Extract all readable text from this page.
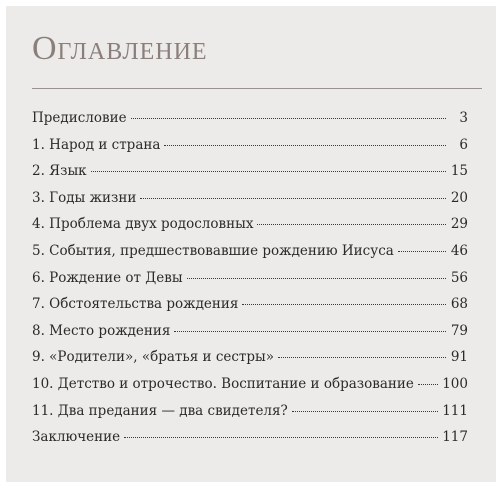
Оглавление
Предисловие	3
1. Народ и страна	6
2. Язык	15
3. Годы жизни	20
4. Проблема двух родословных	29
5. События, предшествовавшие рождению Иисуса	46
6. Рождение от Девы	56
7. Обстоятельства рождения	68
8. Место рождения	79
9. «Родители», «братья и сестры»	91
10. Детство и отрочество. Воспитание и образование 100
11. Два предания — два свидетеля?	111
Заключение	117
